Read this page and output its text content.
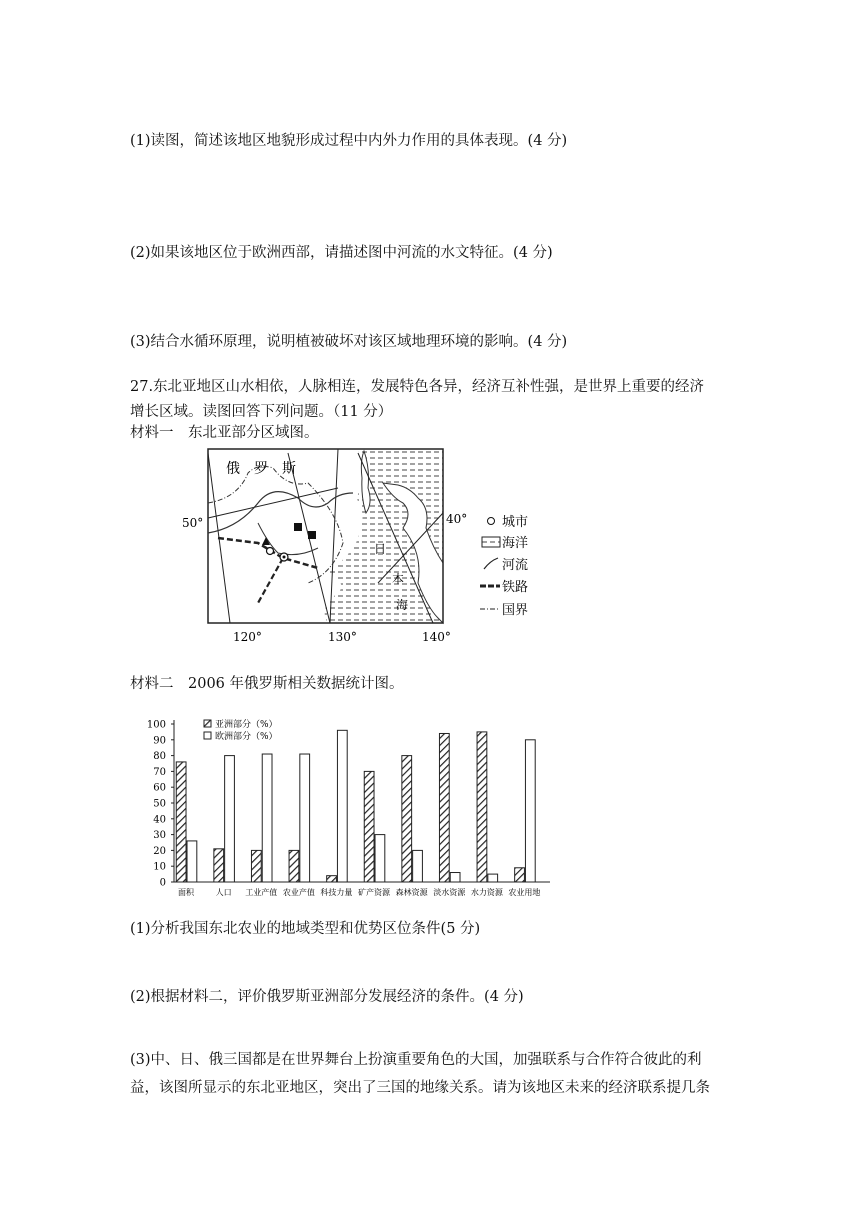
(1)读图，简述该地区地貌形成过程中内外力作用的具体表现。(4 分)
(2)如果该地区位于欧洲西部，请描述图中河流的水文特征。(4 分)
(3)结合水循环原理，说明植被破坏对该区域地理环境的影响。(4 分)
27.东北亚地区山水相依，人脉相连，发展特色各异，经济互补性强，是世界上重要的经济
增长区域。读图回答下列问题。（11 分）
材料一　东北亚部分区域图。
俄　罗　斯
日
本
海
50°	40°
120°	130°	140°
城市
海洋
河流
铁路
国界
材料二　2006 年俄罗斯相关数据统计图。
0
10
20
30
40
50
60
70
80
90
100
面积	人口 工业产值 农业产值 科技力量 矿产资源 森林资源 淡水资源 水力资源 农业用地
亚洲部分（%）
欧洲部分（%）
(1)分析我国东北农业的地域类型和优势区位条件(5 分)
(2)根据材料二，评价俄罗斯亚洲部分发展经济的条件。(4 分)
(3)中、日、俄三国都是在世界舞台上扮演重要角色的大国，加强联系与合作符合彼此的利
益，该图所显示的东北亚地区，突出了三国的地缘关系。请为该地区未来的经济联系提几条
